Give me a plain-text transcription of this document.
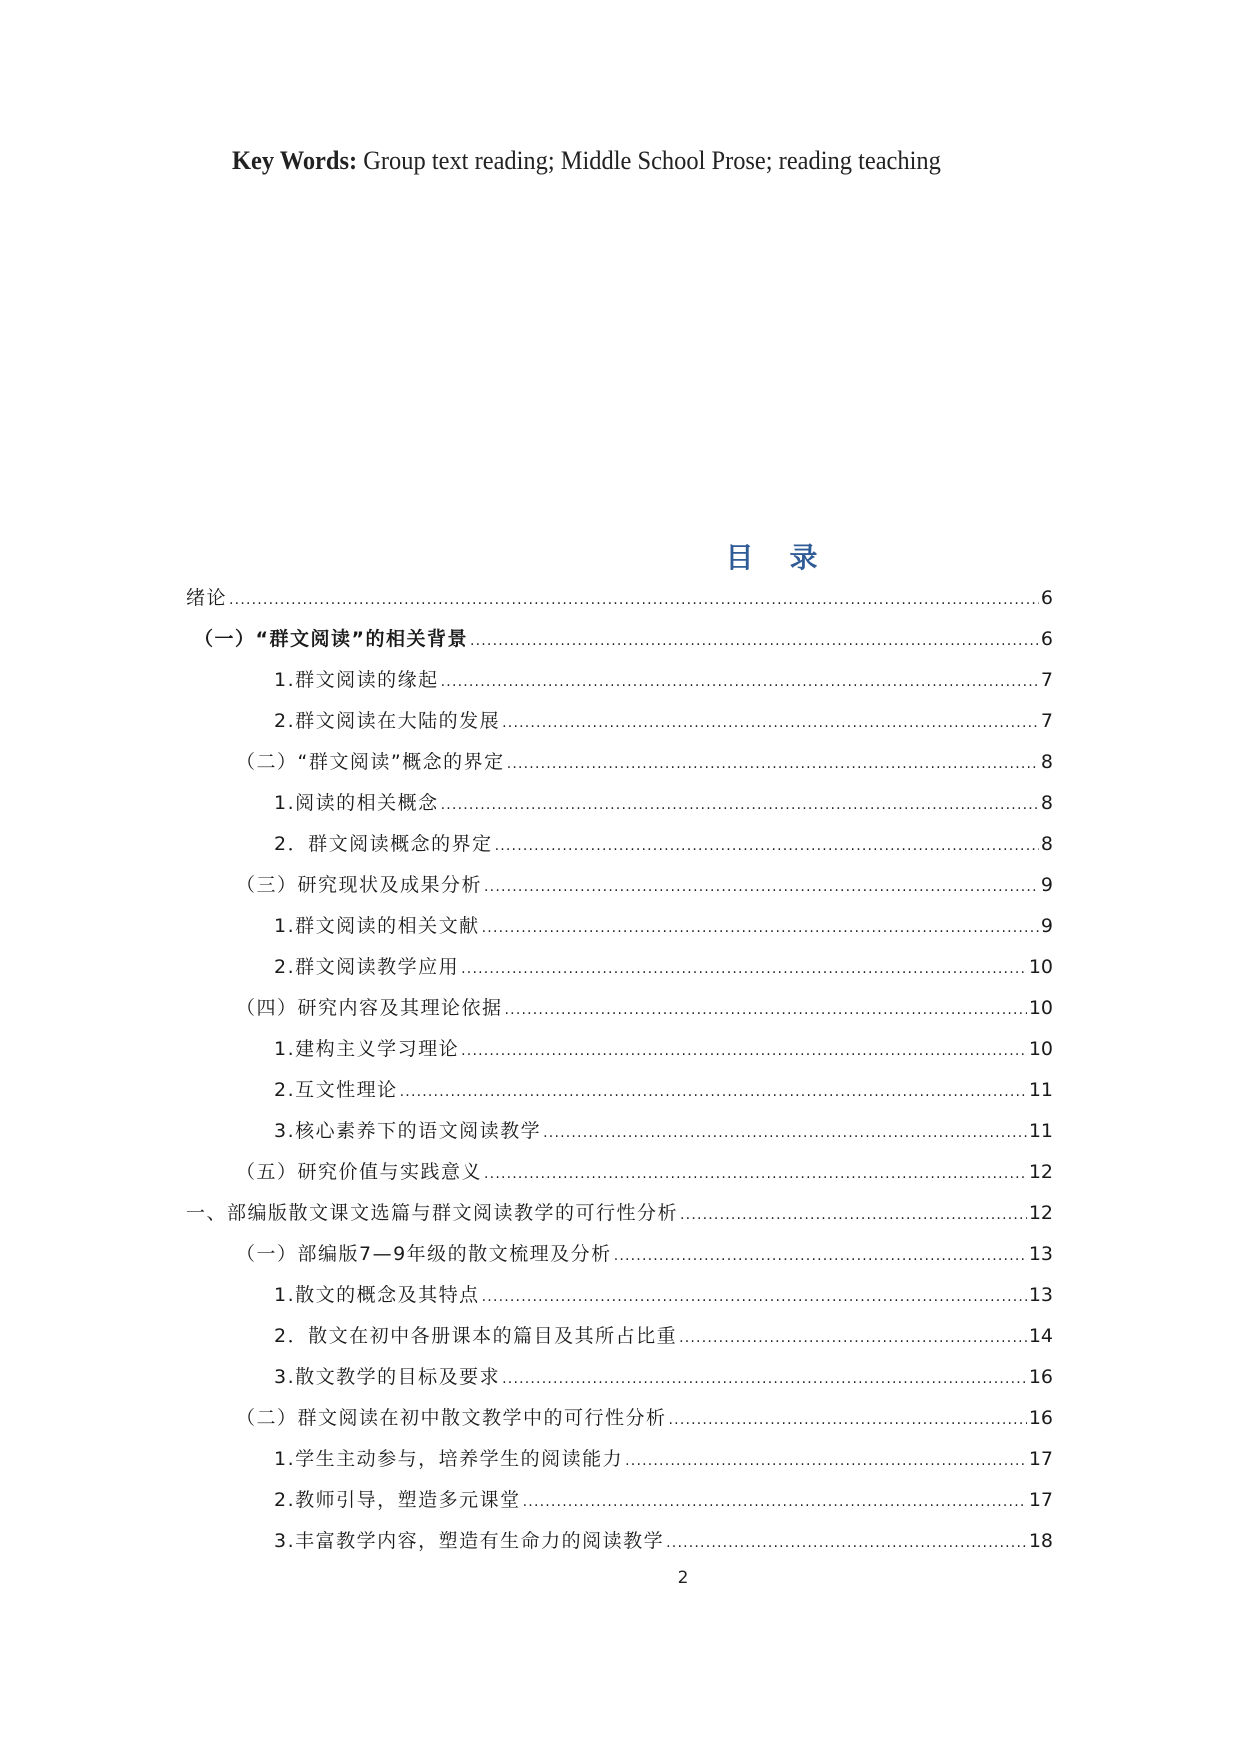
Key Words: Group text reading; Middle School Prose; reading teaching
目 录
绪论 .....	6
（一）“群文阅读”的相关背景 .....	6
1.群文阅读的缘起 .....	7
2.群文阅读在大陆的发展 .....	7
（二）“群文阅读”概念的界定 .....	8
1.阅读的相关概念 .....	8
2．群文阅读概念的界定 .....	8
（三）研究现状及成果分析 .....	9
1.群文阅读的相关文献 .....	9
2.群文阅读教学应用 .....	10
（四）研究内容及其理论依据 .....	10
1.建构主义学习理论 .....	10
2.互文性理论 .....	11
3.核心素养下的语文阅读教学 .....	11
（五）研究价值与实践意义 .....	12
一、部编版散文课文选篇与群文阅读教学的可行性分析 .....	12
（一）部编版7—9年级的散文梳理及分析 .....	13
1.散文的概念及其特点 .....	13
2．散文在初中各册课本的篇目及其所占比重 .....	14
3.散文教学的目标及要求 .....	16
（二）群文阅读在初中散文教学中的可行性分析 .....	16
1.学生主动参与，培养学生的阅读能力 .....	17
2.教师引导，塑造多元课堂 .....	17
3.丰富教学内容，塑造有生命力的阅读教学 .....	18
2
